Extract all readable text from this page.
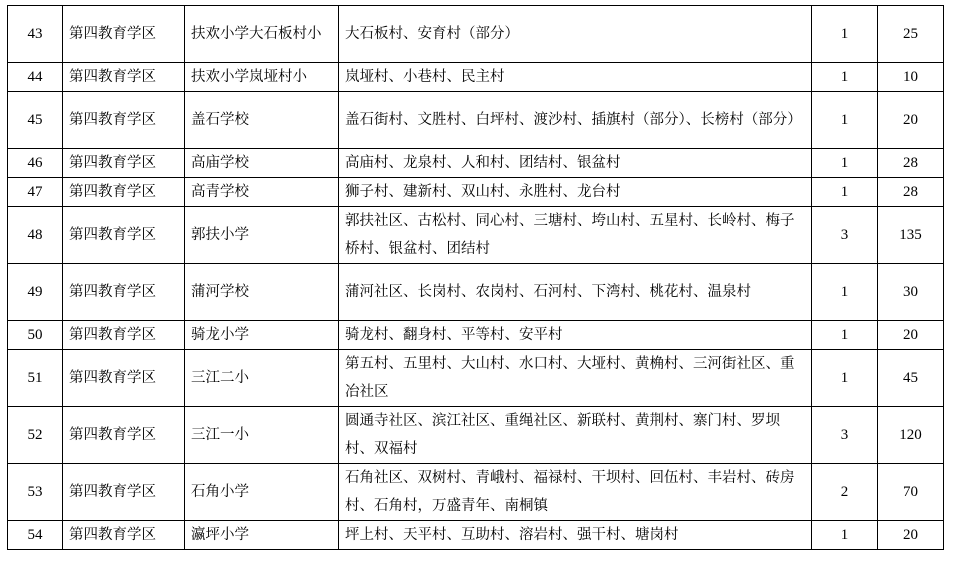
43	第四教育学区	扶欢小学大石板村小	大石板村、安育村（部分）	1	25
44	第四教育学区	扶欢小学岚垭村小	岚垭村、小巷村、民主村	1	10
45	第四教育学区	盖石学校	盖石街村、文胜村、白坪村、渡沙村、插旗村（部分）、长榜村（部分）	1	20
46	第四教育学区	高庙学校	高庙村、龙泉村、人和村、团结村、银盆村	1	28
47	第四教育学区	高青学校	狮子村、建新村、双山村、永胜村、龙台村	1	28
48	第四教育学区	郭扶小学	郭扶社区、古松村、同心村、三塘村、垮山村、五星村、长岭村、梅子桥村、银盆村、团结村	3	135
49	第四教育学区	蒲河学校	蒲河社区、长岗村、农岗村、石河村、下湾村、桃花村、温泉村	1	30
50	第四教育学区	骑龙小学	骑龙村、翻身村、平等村、安平村	1	20
51	第四教育学区	三江二小	第五村、五里村、大山村、水口村、大垭村、黄桷村、三河街社区、重冶社区	1	45
52	第四教育学区	三江一小	圆通寺社区、滨江社区、重绳社区、新联村、黄荆村、寨门村、罗坝村、双福村	3	120
53	第四教育学区	石角小学	石角社区、双树村、青峨村、福禄村、干坝村、回伍村、丰岩村、砖房村、石角村，万盛青年、南桐镇	2	70
54	第四教育学区	瀛坪小学	坪上村、天平村、互助村、溶岩村、强干村、塘岗村	1	20
